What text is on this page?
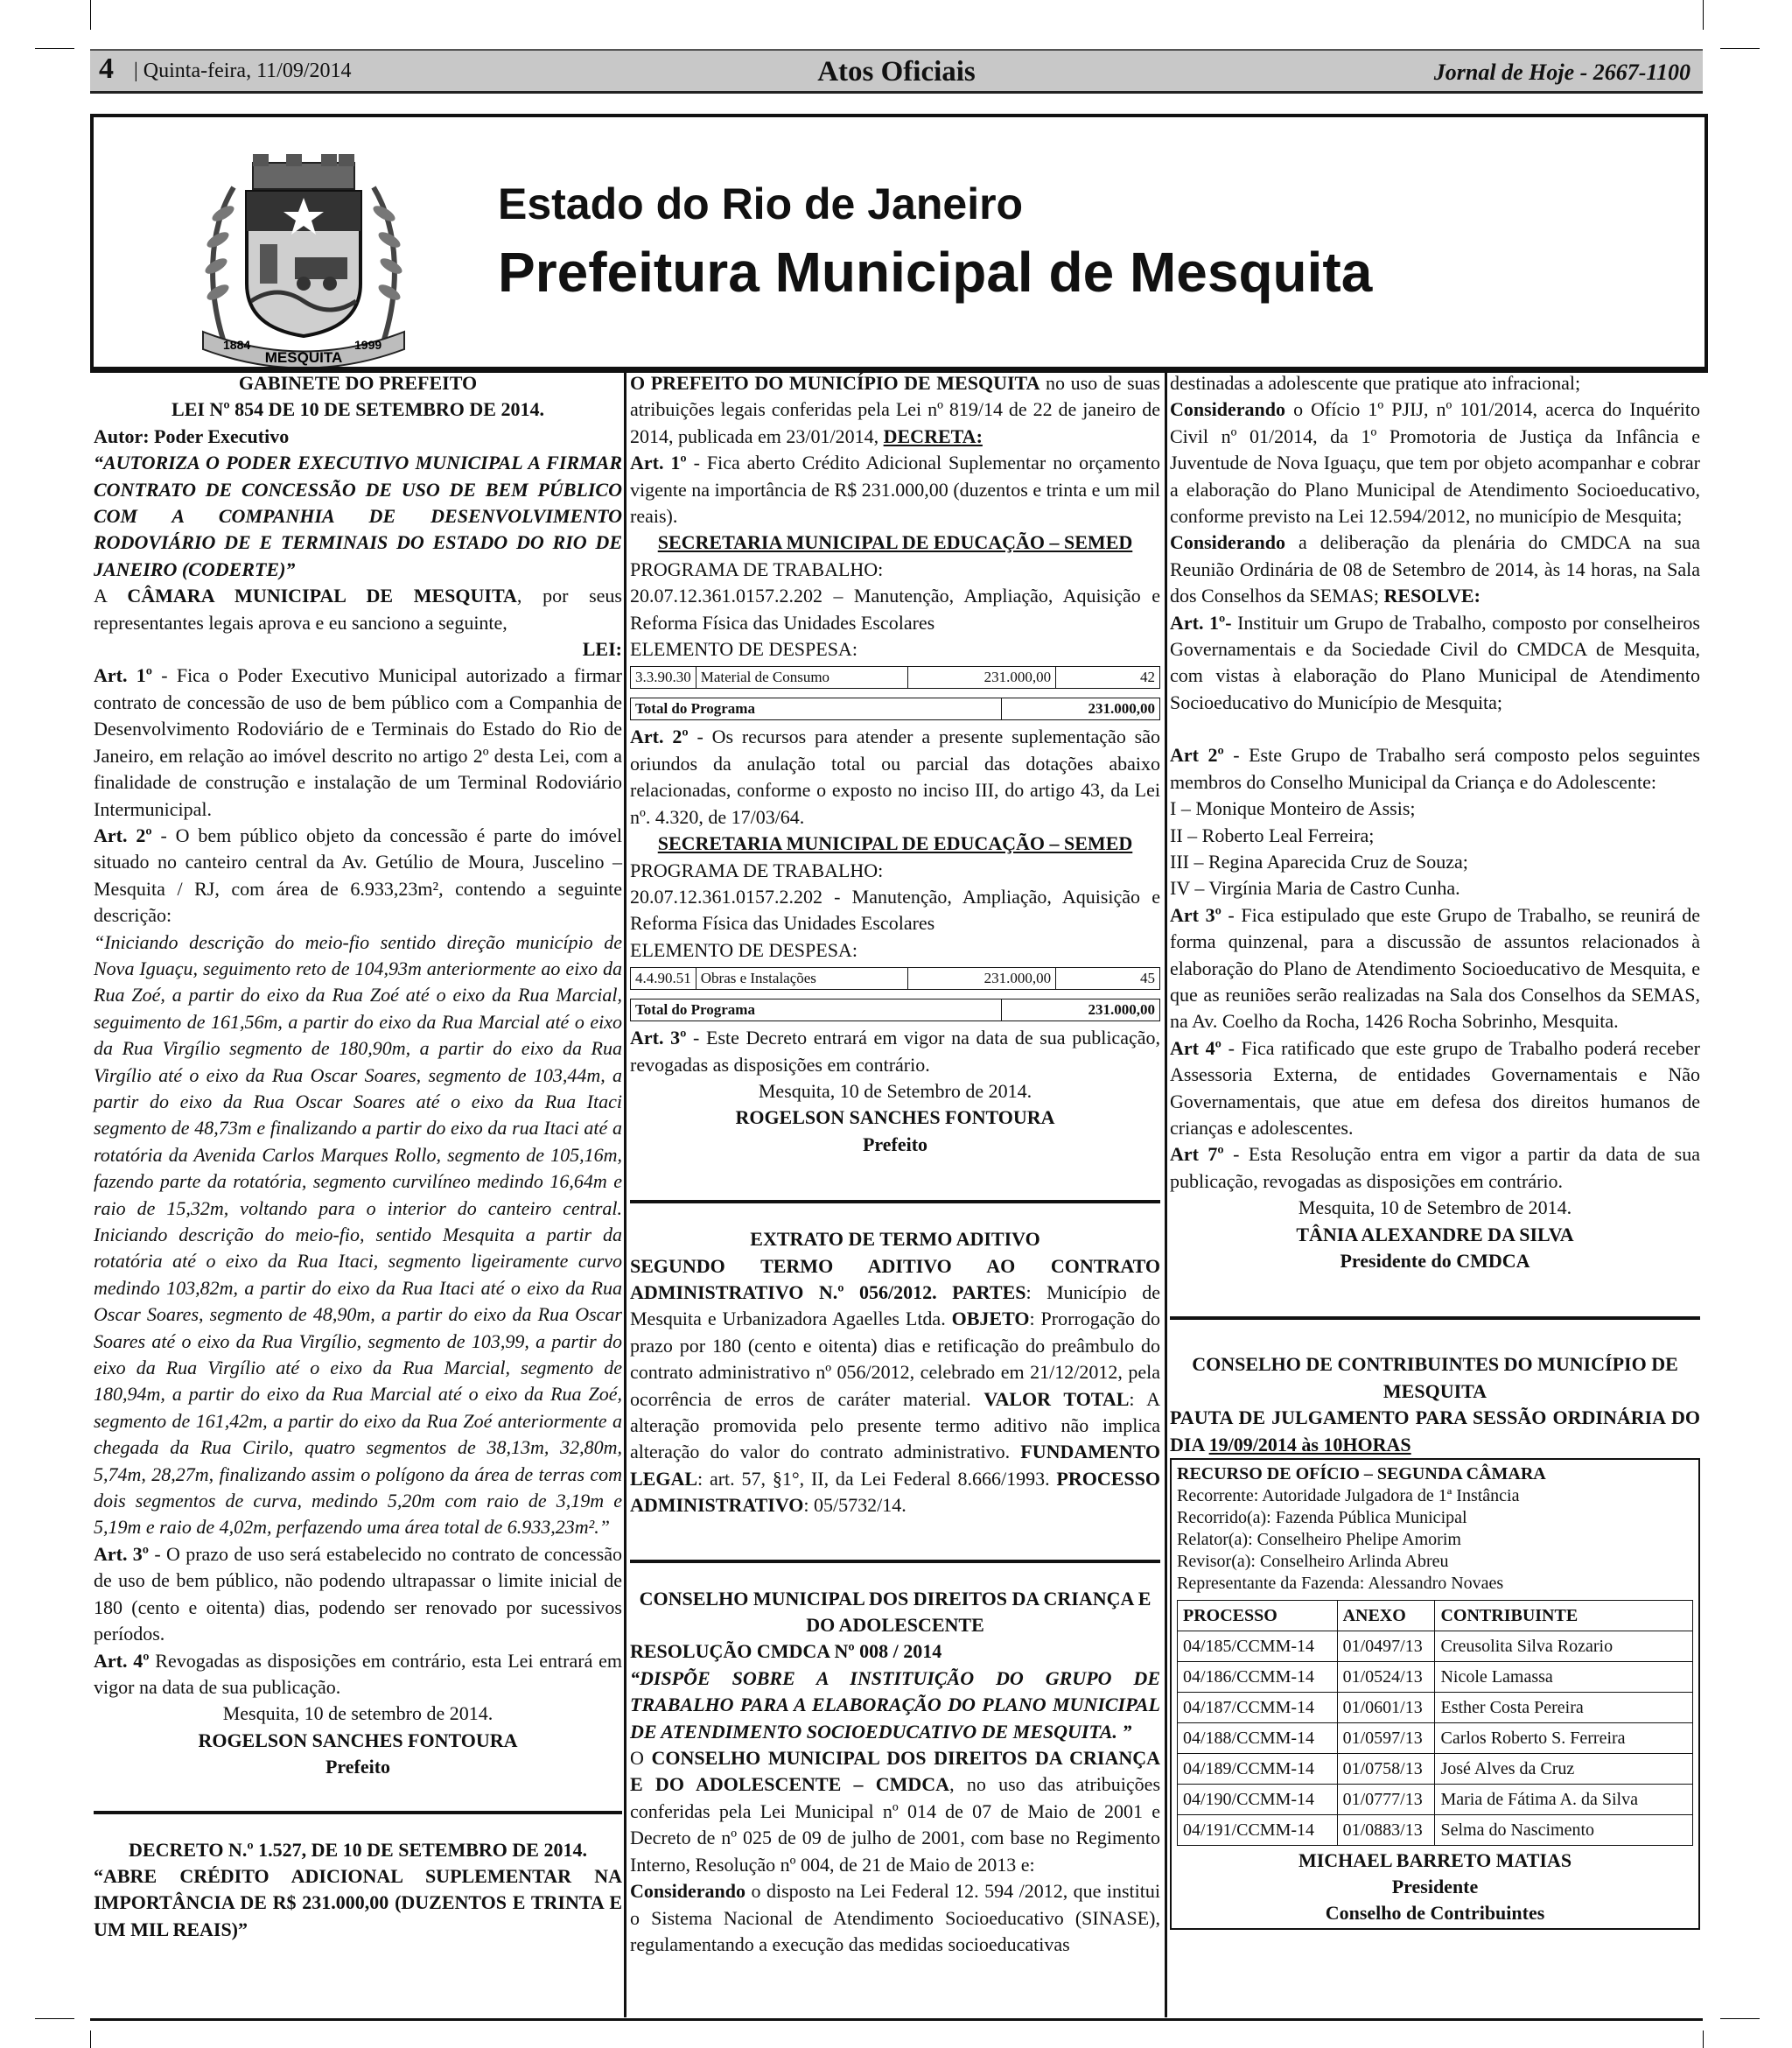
4 | Quinta-feira, 11/09/2014	Atos Oficiais	Jornal de Hoje - 2667-1100
1884
MESQUITA
1999
Estado do Rio de Janeiro
Prefeitura Municipal de Mesquita

GABINETE DO PREFEITO

LEI Nº 854 DE 10 DE SETEMBRO DE 2014.

Autor: Poder Executivo

“AUTORIZA O PODER EXECUTIVO MUNICIPAL A FIRMAR CONTRATO DE CONCESSÃO DE USO DE BEM PÚBLICO COM A COMPANHIA DE DESENVOLVIMENTO RODOVIÁRIO DE E TERMINAIS DO ESTADO DO RIO DE JANEIRO (CODERTE)”

A CÂMARA MUNICIPAL DE MESQUITA, por seus representantes legais aprova e eu sanciono a seguinte,

LEI:

Art. 1º - Fica o Poder Executivo Municipal autorizado a firmar contrato de concessão de uso de bem público com a Companhia de Desenvolvimento Rodoviário de e Terminais do Estado do Rio de Janeiro, em relação ao imóvel descrito no artigo 2º desta Lei, com a finalidade de construção e instalação de um Terminal Rodoviário Intermunicipal.

Art. 2º - O bem público objeto da concessão é parte do imóvel situado no canteiro central da Av. Getúlio de Moura, Juscelino – Mesquita / RJ, com área de 6.933,23m², contendo a seguinte descrição:

“Iniciando descrição do meio-fio sentido direção município de Nova Iguaçu, seguimento reto de 104,93m anteriormente ao eixo da Rua Zoé, a partir do eixo da Rua Zoé até o eixo da Rua Marcial, seguimento de 161,56m, a partir do eixo da Rua Marcial até o eixo da Rua Virgílio segmento de 180,90m, a partir do eixo da Rua Virgílio até o eixo da Rua Oscar Soares, segmento de 103,44m, a partir do eixo da Rua Oscar Soares até o eixo da Rua Itaci segmento de 48,73m e finalizando a partir do eixo da rua Itaci até a rotatória da Avenida Carlos Marques Rollo, segmento de 105,16m, fazendo parte da rotatória, segmento curvilíneo medindo 16,64m e raio de 15,32m, voltando para o interior do canteiro central. Iniciando descrição do meio-fio, sentido Mesquita a partir da rotatória até o eixo da Rua Itaci, segmento ligeiramente curvo medindo 103,82m, a partir do eixo da Rua Itaci até o eixo da Rua Oscar Soares, segmento de 48,90m, a partir do eixo da Rua Oscar Soares até o eixo da Rua Virgílio, segmento de 103,99, a partir do eixo da Rua Virgílio até o eixo da Rua Marcial, segmento de 180,94m, a partir do eixo da Rua Marcial até o eixo da Rua Zoé, segmento de 161,42m, a partir do eixo da Rua Zoé anteriormente a chegada da Rua Cirilo, quatro segmentos de 38,13m, 32,80m, 5,74m, 28,27m, finalizando assim o polígono da área de terras com dois segmentos de curva, medindo 5,20m com raio de 3,19m e 5,19m e raio de 4,02m, perfazendo uma área total de 6.933,23m².”

Art. 3º - O prazo de uso será estabelecido no contrato de concessão de uso de bem público, não podendo ultrapassar o limite inicial de 180 (cento e oitenta) dias, podendo ser renovado por sucessivos períodos.

Art. 4º Revogadas as disposições em contrário, esta Lei entrará em vigor na data de sua publicação.

Mesquita, 10 de setembro de 2014.

ROGELSON SANCHES FONTOURA

Prefeito

DECRETO N.º 1.527, DE 10 DE SETEMBRO DE 2014.

“ABRE CRÉDITO ADICIONAL SUPLEMENTAR NA IMPORTÂNCIA DE R$ 231.000,00 (DUZENTOS E TRINTA E UM MIL REAIS)”

O PREFEITO DO MUNICÍPIO DE MESQUITA no uso de suas atribuições legais conferidas pela Lei nº 819/14 de 22 de janeiro de 2014, publicada em 23/01/2014, DECRETA:

Art. 1º - Fica aberto Crédito Adicional Suplementar no orçamento vigente na importância de R$ 231.000,00 (duzentos e trinta e um mil reais).

SECRETARIA MUNICIPAL DE EDUCAÇÃO – SEMED

PROGRAMA DE TRABALHO:

20.07.12.361.0157.2.202 – Manutenção, Ampliação, Aquisição e Reforma Física das Unidades Escolares

ELEMENTO DE DESPESA:

3.3.90.30	Material de Consumo	231.000,00	42
Total do Programa	231.000,00

Art. 2º - Os recursos para atender a presente suplementação são oriundos da anulação total ou parcial das dotações abaixo relacionadas, conforme o exposto no inciso III, do artigo 43, da Lei nº. 4.320, de 17/03/64.

SECRETARIA MUNICIPAL DE EDUCAÇÃO – SEMED

PROGRAMA DE TRABALHO:

20.07.12.361.0157.2.202 - Manutenção, Ampliação, Aquisição e Reforma Física das Unidades Escolares

ELEMENTO DE DESPESA:

4.4.90.51	Obras e Instalações	231.000,00	45
Total do Programa	231.000,00

Art. 3º - Este Decreto entrará em vigor na data de sua publicação, revogadas as disposições em contrário.

Mesquita, 10 de Setembro de 2014.

ROGELSON SANCHES FONTOURA

Prefeito

EXTRATO DE TERMO ADITIVO

SEGUNDO TERMO ADITIVO AO CONTRATO ADMINISTRATIVO N.º 056/2012. PARTES: Município de Mesquita e Urbanizadora Agaelles Ltda. OBJETO: Prorrogação do prazo por 180 (cento e oitenta) dias e retificação do preâmbulo do contrato administrativo nº 056/2012, celebrado em 21/12/2012, pela ocorrência de erros de caráter material. VALOR TOTAL: A alteração promovida pelo presente termo aditivo não implica alteração do valor do contrato administrativo. FUNDAMENTO LEGAL: art. 57, §1°, II, da Lei Federal 8.666/1993. PROCESSO ADMINISTRATIVO: 05/5732/14.

CONSELHO MUNICIPAL DOS DIREITOS DA CRIANÇA E DO ADOLESCENTE

RESOLUÇÃO CMDCA Nº 008 / 2014

“DISPÕE SOBRE A INSTITUIÇÃO DO GRUPO DE TRABALHO PARA A ELABORAÇÃO DO PLANO MUNICIPAL DE ATENDIMENTO SOCIOEDUCATIVO DE MESQUITA. ”

O CONSELHO MUNICIPAL DOS DIREITOS DA CRIANÇA E DO ADOLESCENTE – CMDCA, no uso das atribuições conferidas pela Lei Municipal nº 014 de 07 de Maio de 2001 e Decreto de nº 025 de 09 de julho de 2001, com base no Regimento Interno, Resolução nº 004, de 21 de Maio de 2013 e:

Considerando o disposto na Lei Federal 12. 594 /2012, que institui o Sistema Nacional de Atendimento Socioeducativo (SINASE), regulamentando a execução das medidas socioeducativas

destinadas a adolescente que pratique ato infracional;

Considerando o Ofício 1º PJIJ, nº 101/2014, acerca do Inquérito Civil nº 01/2014, da 1º Promotoria de Justiça da Infância e Juventude de Nova Iguaçu, que tem por objeto acompanhar e cobrar a elaboração do Plano Municipal de Atendimento Socioeducativo, conforme previsto na Lei 12.594/2012, no município de Mesquita;

Considerando a deliberação da plenária do CMDCA na sua Reunião Ordinária de 08 de Setembro de 2014, às 14 horas, na Sala dos Conselhos da SEMAS; RESOLVE:

Art. 1º- Instituir um Grupo de Trabalho, composto por conselheiros Governamentais e da Sociedade Civil do CMDCA de Mesquita, com vistas à elaboração do Plano Municipal de Atendimento Socioeducativo do Município de Mesquita;

Art 2º - Este Grupo de Trabalho será composto pelos seguintes membros do Conselho Municipal da Criança e do Adolescente:

I – Monique Monteiro de Assis;

II – Roberto Leal Ferreira;

III – Regina Aparecida Cruz de Souza;

IV – Virgínia Maria de Castro Cunha.

Art 3º - Fica estipulado que este Grupo de Trabalho, se reunirá de forma quinzenal, para a discussão de assuntos relacionados à elaboração do Plano de Atendimento Socioeducativo de Mesquita, e que as reuniões serão realizadas na Sala dos Conselhos da SEMAS, na Av. Coelho da Rocha, 1426 Rocha Sobrinho, Mesquita.

Art 4º - Fica ratificado que este grupo de Trabalho poderá receber Assessoria Externa, de entidades Governamentais e Não Governamentais, que atue em defesa dos direitos humanos de crianças e adolescentes.

Art 7º - Esta Resolução entra em vigor a partir da data de sua publicação, revogadas as disposições em contrário.

Mesquita, 10 de Setembro de 2014.

TÂNIA ALEXANDRE DA SILVA

Presidente do CMDCA

CONSELHO DE CONTRIBUINTES DO MUNICÍPIO DE MESQUITA

PAUTA DE JULGAMENTO PARA SESSÃO ORDINÁRIA DO DIA 19/09/2014 às 10HORAS

RECURSO DE OFÍCIO – SEGUNDA CÂMARA
Recorrente: Autoridade Julgadora de 1ª Instância
Recorrido(a): Fazenda Pública Municipal
Relator(a): Conselheiro Phelipe Amorim
Revisor(a): Conselheiro Arlinda Abreu
Representante da Fazenda: Alessandro Novaes
PROCESSO	ANEXO	CONTRIBUINTE
04/185/CCMM-14	01/0497/13	Creusolita Silva Rozario
04/186/CCMM-14	01/0524/13	Nicole Lamassa
04/187/CCMM-14	01/0601/13	Esther Costa Pereira
04/188/CCMM-14	01/0597/13	Carlos Roberto S. Ferreira
04/189/CCMM-14	01/0758/13	José Alves da Cruz
04/190/CCMM-14	01/0777/13	Maria de Fátima A. da Silva
04/191/CCMM-14	01/0883/13	Selma do Nascimento
MICHAEL BARRETO MATIAS
Presidente
Conselho de Contribuintes
